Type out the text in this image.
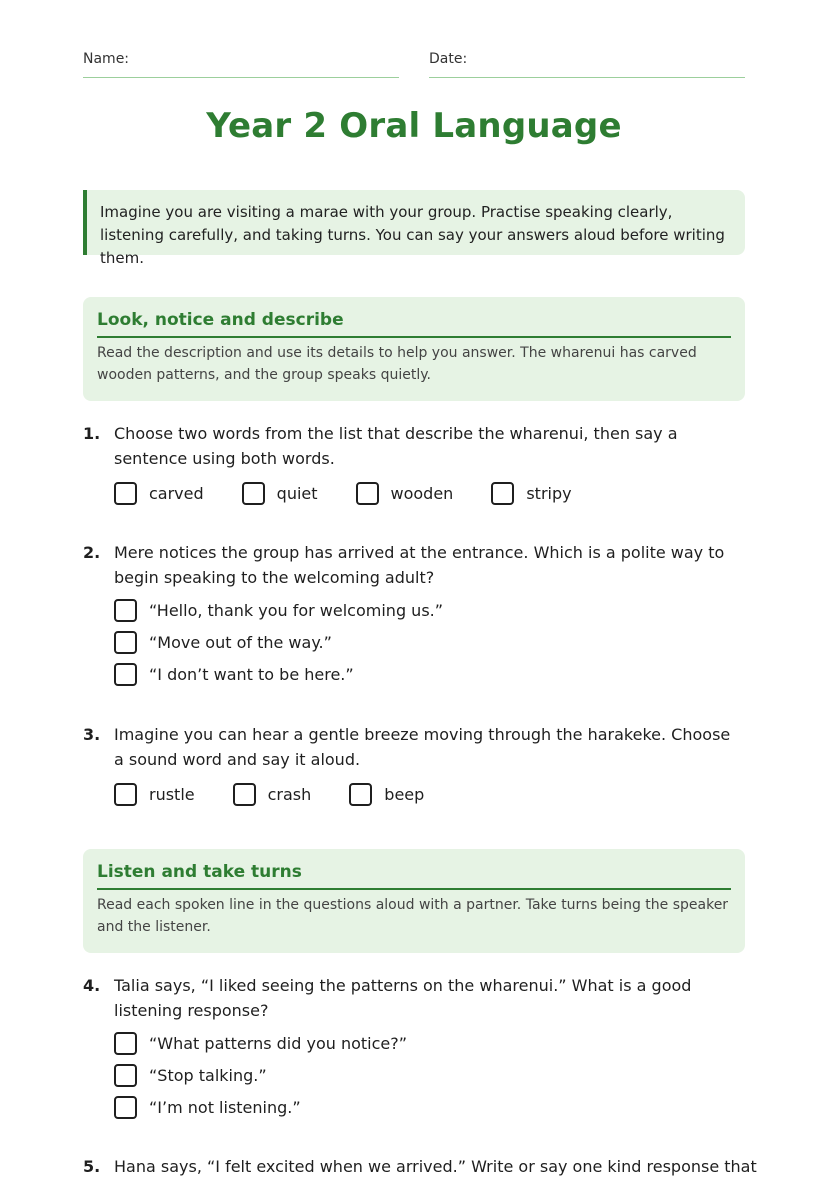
Name:	Date:
Year 2 Oral Language
Imagine you are visiting a marae with your group. Practise speaking clearly, listening carefully, and taking turns. You can say your answers aloud before writing them.
Look, notice and describe
Read the description and use its details to help you answer. The wharenui has carved wooden patterns, and the group speaks quietly.
1. Choose two words from the list that describe the wharenui, then say a sentence using both words.
carved	quiet	wooden	stripy
2. Mere notices the group has arrived at the entrance. Which is a polite way to begin speaking to the welcoming adult?
“Hello, thank you for welcoming us.”
“Move out of the way.”
“I don’t want to be here.”
3. Imagine you can hear a gentle breeze moving through the harakeke. Choose a sound word and say it aloud.
rustle	crash	beep
Listen and take turns
Read each spoken line in the questions aloud with a partner. Take turns being the speaker and the listener.
4. Talia says, “I liked seeing the patterns on the wharenui.” What is a good listening response?
“What patterns did you notice?”
“Stop talking.”
“I’m not listening.”
5. Hana says, “I felt excited when we arrived.” Write or say one kind response that
